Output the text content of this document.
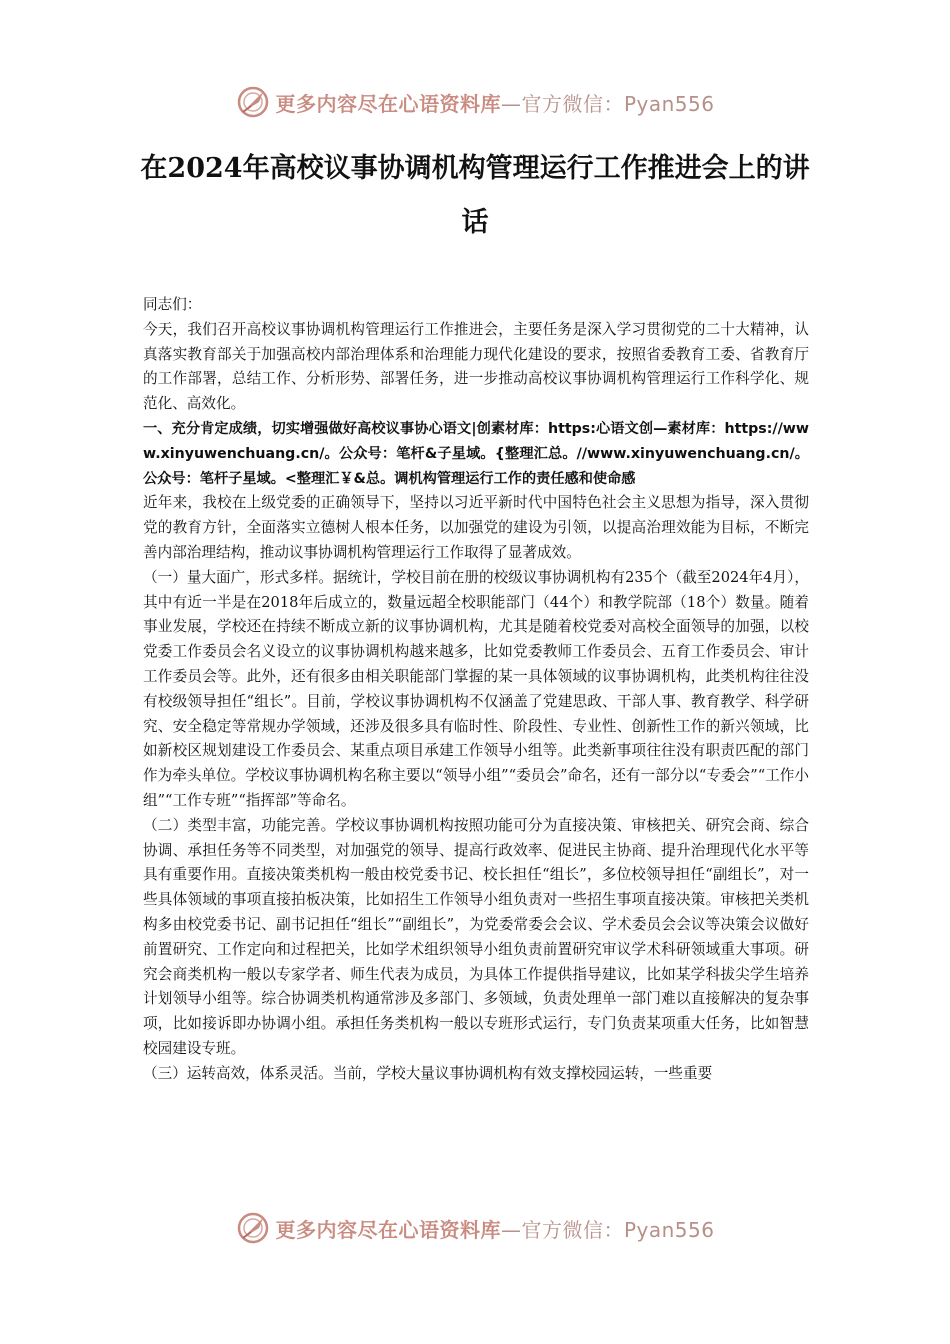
更多内容尽在心语资料库—官方微信：Pyan556
在2024年高校议事协调机构管理运行工作推进会上的讲话

同志们：

今天，我们召开高校议事协调机构管理运行工作推进会，主要任务是深入学习贯彻党的二十大精神，认真落实教育部关于加强高校内部治理体系和治理能力现代化建设的要求，按照省委教育工委、省教育厅的工作部署，总结工作、分析形势、部署任务，进一步推动高校议事协调机构管理运行工作科学化、规范化、高效化。

一、充分肯定成绩，切实增强做好高校议事协心语文|创素材库：https:心语文创—素材库：https://www.xinyuwenchuang.cn/。公众号：笔杆&子星域。{整理汇总。//www.xinyuwenchuang.cn/。公众号：笔杆子星域。<整理汇￥&总。调机构管理运行工作的责任感和使命感

近年来，我校在上级党委的正确领导下，坚持以习近平新时代中国特色社会主义思想为指导，深入贯彻党的教育方针，全面落实立德树人根本任务，以加强党的建设为引领，以提高治理效能为目标，不断完善内部治理结构，推动议事协调机构管理运行工作取得了显著成效。

（一）量大面广，形式多样。据统计，学校目前在册的校级议事协调机构有235个（截至2024年4月），其中有近一半是在2018年后成立的，数量远超全校职能部门（44个）和教学院部（18个）数量。随着事业发展，学校还在持续不断成立新的议事协调机构，尤其是随着校党委对高校全面领导的加强，以校党委工作委员会名义设立的议事协调机构越来越多，比如党委教师工作委员会、五育工作委员会、审计工作委员会等。此外，还有很多由相关职能部门掌握的某一具体领域的议事协调机构，此类机构往往没有校级领导担任“组长”。目前，学校议事协调机构不仅涵盖了党建思政、干部人事、教育教学、科学研究、安全稳定等常规办学领域，还涉及很多具有临时性、阶段性、专业性、创新性工作的新兴领域，比如新校区规划建设工作委员会、某重点项目承建工作领导小组等。此类新事项往往没有职责匹配的部门作为牵头单位。学校议事协调机构名称主要以“领导小组”“委员会”命名，还有一部分以“专委会”“工作小组”“工作专班”“指挥部”等命名。

（二）类型丰富，功能完善。学校议事协调机构按照功能可分为直接决策、审核把关、研究会商、综合协调、承担任务等不同类型，对加强党的领导、提高行政效率、促进民主协商、提升治理现代化水平等具有重要作用。直接决策类机构一般由校党委书记、校长担任“组长”，多位校领导担任“副组长”，对一些具体领域的事项直接拍板决策，比如招生工作领导小组负责对一些招生事项直接决策。审核把关类机构多由校党委书记、副书记担任“组长”“副组长”，为党委常委会会议、学术委员会会议等决策会议做好前置研究、工作定向和过程把关，比如学术组织领导小组负责前置研究审议学术科研领域重大事项。研究会商类机构一般以专家学者、师生代表为成员，为具体工作提供指导建议，比如某学科拔尖学生培养计划领导小组等。综合协调类机构通常涉及多部门、多领域，负责处理单一部门难以直接解决的复杂事项，比如接诉即办协调小组。承担任务类机构一般以专班形式运行，专门负责某项重大任务，比如智慧校园建设专班。

（三）运转高效，体系灵活。当前，学校大量议事协调机构有效支撑校园运转，一些重要

更多内容尽在心语资料库—官方微信：Pyan556
